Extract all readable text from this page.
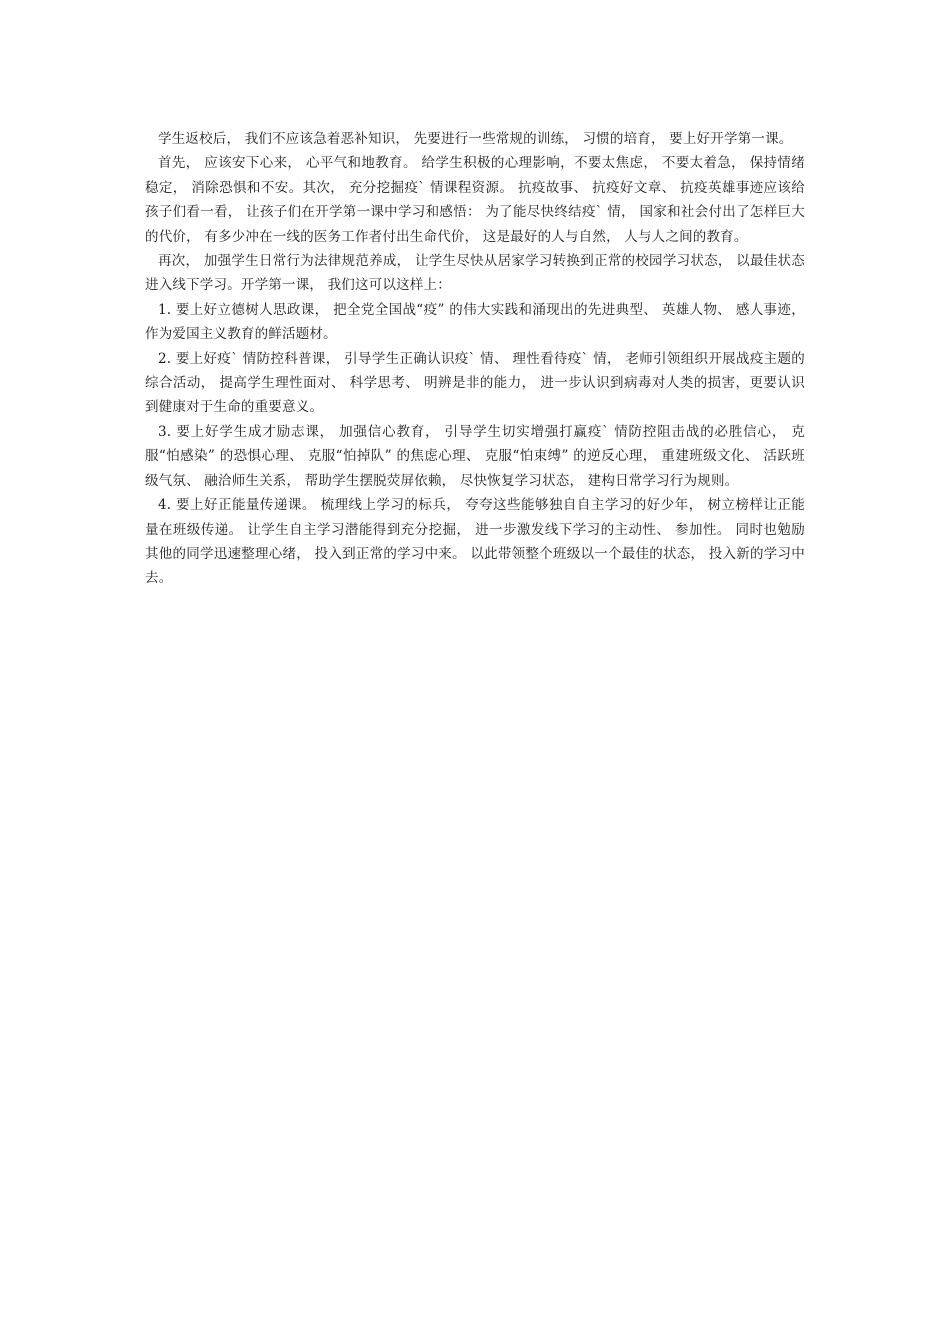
学生返校后， 我们不应该急着恶补知识， 先要进行一些常规的训练， 习惯的培育， 要上好开学第一课。

首先， 应该安下心来， 心平气和地教育。 给学生积极的心理影响，不要太焦虑， 不要太着急， 保持情绪稳定， 消除恐惧和不安。其次， 充分挖掘疫` 情课程资源。 抗疫故事、 抗疫好文章、 抗疫英雄事迹应该给孩子们看一看， 让孩子们在开学第一课中学习和感悟： 为了能尽快终结疫` 情， 国家和社会付出了怎样巨大的代价， 有多少冲在一线的医务工作者付出生命代价， 这是最好的人与自然， 人与人之间的教育。

再次， 加强学生日常行为法律规范养成， 让学生尽快从居家学习转换到正常的校园学习状态， 以最佳状态进入线下学习。开学第一课， 我们这可以这样上：

1. 要上好立德树人思政课， 把全党全国战“疫” 的伟大实践和涌现出的先进典型、 英雄人物、 感人事迹， 作为爱国主义教育的鲜活题材。

2. 要上好疫` 情防控科普课， 引导学生正确认识疫` 情、 理性看待疫` 情， 老师引领组织开展战疫主题的综合活动， 提高学生理性面对、 科学思考、 明辨是非的能力， 进一步认识到病毒对人类的损害，更要认识到健康对于生命的重要意义。

3. 要上好学生成才励志课， 加强信心教育， 引导学生切实增强打赢疫` 情防控阻击战的必胜信心， 克服“怕感染” 的恐惧心理、 克服“怕掉队” 的焦虑心理、 克服“怕束缚” 的逆反心理， 重建班级文化、 活跃班级气氛、 融洽师生关系， 帮助学生摆脱荧屏依赖， 尽快恢复学习状态， 建构日常学习行为规则。

4. 要上好正能量传递课。 梳理线上学习的标兵， 夸夸这些能够独自自主学习的好少年， 树立榜样让正能量在班级传递。 让学生自主学习潜能得到充分挖掘， 进一步激发线下学习的主动性、 参加性。 同时也勉励其他的同学迅速整理心绪， 投入到正常的学习中来。 以此带领整个班级以一个最佳的状态， 投入新的学习中去。
